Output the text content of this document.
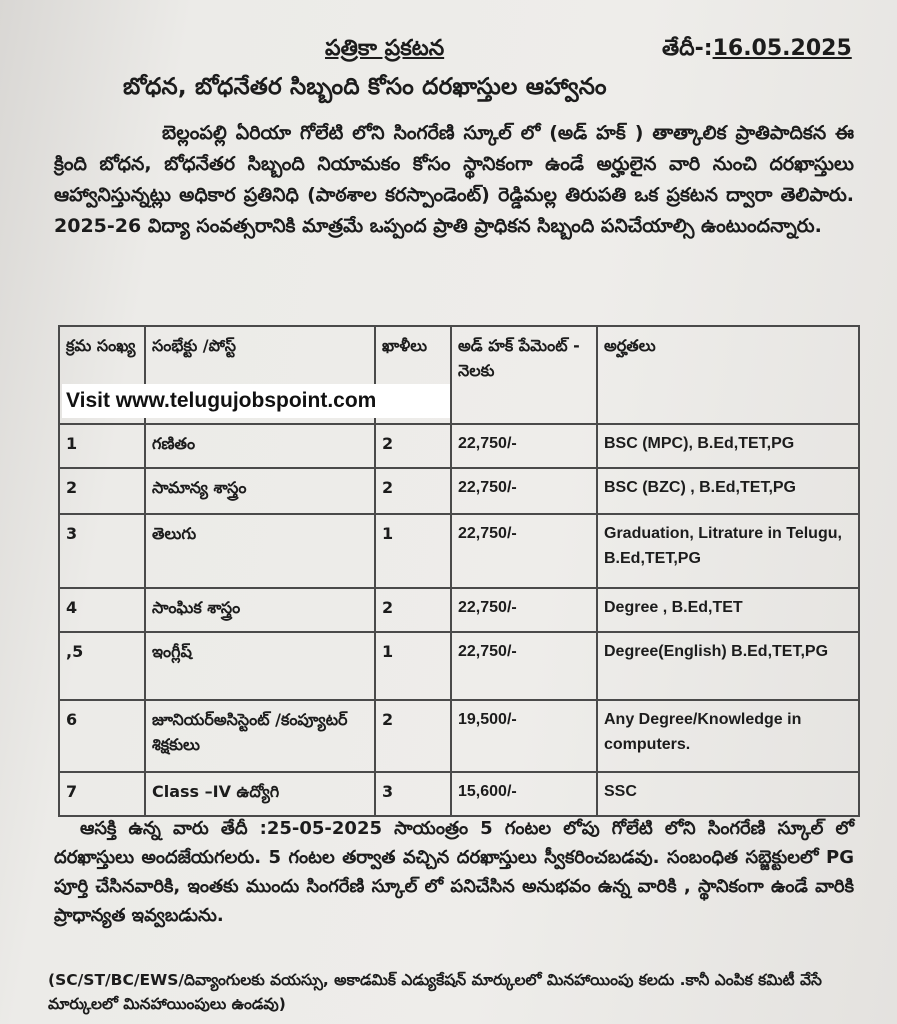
పత్రికా ప్రకటన	తేదీ-:16.05.2025
బోధన, బోధనేతర సిబ్బంది కోసం దరఖాస్తుల ఆహ్వానం
బెల్లంపల్లి ఏరియా గోలేటి లోని సింగరేణి స్కూల్ లో (అడ్ హక్ ) తాత్కాలిక ప్రాతిపాదికన ఈ క్రింది బోధన, బోధనేతర సిబ్బంది నియామకం కోసం స్థానికంగా ఉండే అర్హులైన వారి నుంచి దరఖాస్తులు ఆహ్వానిస్తున్నట్లు అధికార ప్రతినిధి (పాఠశాల కరస్పాండెంట్) రెడ్డిమల్ల తిరుపతి ఒక ప్రకటన ద్వారా తెలిపారు. 2025-26 విద్యా సంవత్సరానికి మాత్రమే ఒప్పంద ప్రాతి ప్రాధికన సిబ్బంది పనిచేయాల్సి ఉంటుందన్నారు.
క్రమ సంఖ్య	సంభేక్టు /పోస్ట్	ఖాళీలు	అడ్ హక్ పేమెంట్ - నెలకు	అర్హతలు
1	గణితం	2	22,750/-	BSC (MPC), B.Ed,TET,PG
2	సామాన్య శాస్త్రం	2	22,750/-	BSC (BZC) , B.Ed,TET,PG
3	తెలుగు	1	22,750/-	Graduation, Litrature in Telugu, B.Ed,TET,PG
4	సాంఘిక శాస్త్రం	2	22,750/-	Degree , B.Ed,TET
,5	ఇంగ్లీష్	1	22,750/-	Degree(English) B.Ed,TET,PG
6	జూనియర్అసిస్టెంట్ /కంప్యూటర్ శిక్షకులు	2	19,500/-	Any Degree/Knowledge in computers.
7	Class –IV ఉద్యోగి	3	15,600/-	SSC
Visit www.telugujobspoint.com
ఆసక్తి ఉన్న వారు తేదీ :25-05-2025 సాయంత్రం 5 గంటల లోపు గోలేటి లోని సింగరేణి స్కూల్ లో దరఖాస్తులు అందజేయగలరు. 5 గంటల తర్వాత వచ్చిన దరఖాస్తులు స్వీకరించబడవు. సంబంధిత సబ్జెక్టులలో PG పూర్తి చేసినవారికి, ఇంతకు ముందు సింగరేణి స్కూల్ లో పనిచేసిన అనుభవం ఉన్న వారికి , స్థానికంగా ఉండే వారికి ప్రాధాన్యత ఇవ్వబడును.
(SC/ST/BC/EWS/దివ్యాంగులకు వయస్సు, అకాడమిక్ ఎడ్యుకేషన్ మార్కులలో మినహాయింపు కలదు .కానీ ఎంపిక కమిటీ వేసే మార్కులలో మినహాయింపులు ఉండవు)
